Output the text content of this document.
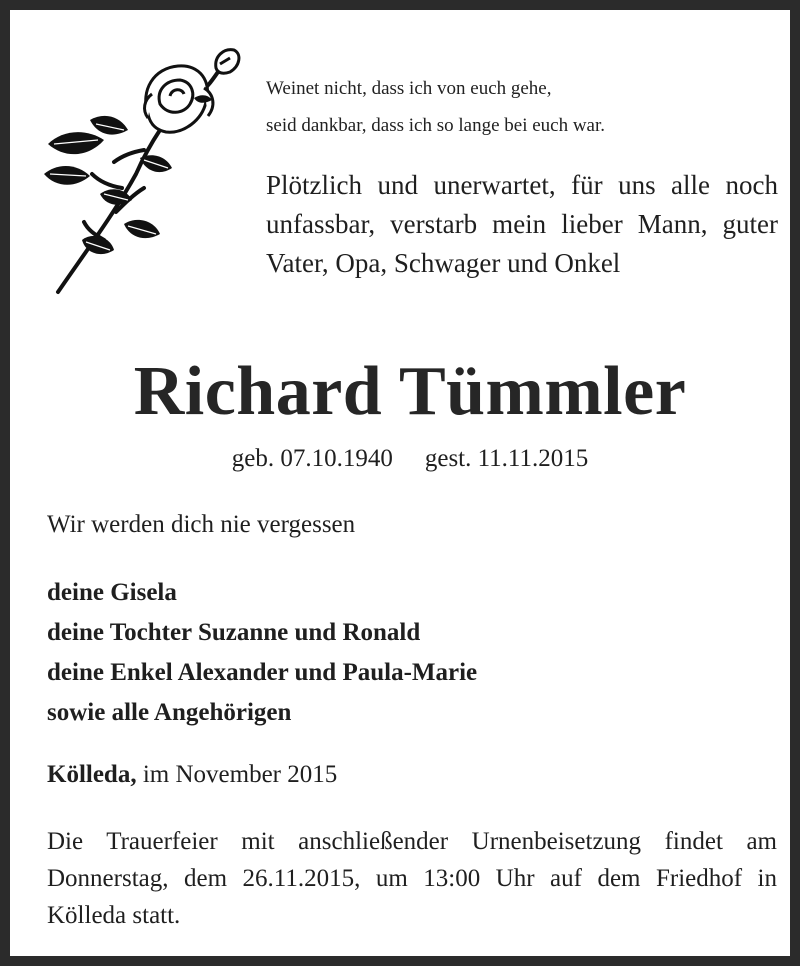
Weinet nicht, dass ich von euch gehe,
seid dankbar, dass ich so lange bei euch war.
Plötzlich und unerwartet, für uns alle noch unfassbar, verstarb mein lieber Mann, guter Vater, Opa, Schwager und Onkel
Richard Tümmler
geb. 07.10.1940 gest. 11.11.2015
Wir werden dich nie vergessen
deine Gisela
deine Tochter Suzanne und Ronald
deine Enkel Alexander und Paula-Marie
sowie alle Angehörigen
Kölleda, im November 2015
Die Trauerfeier mit anschließender Urnenbeisetzung findet am Donnerstag, dem 26.11.2015, um 13:00 Uhr auf dem Friedhof in Kölleda statt.
